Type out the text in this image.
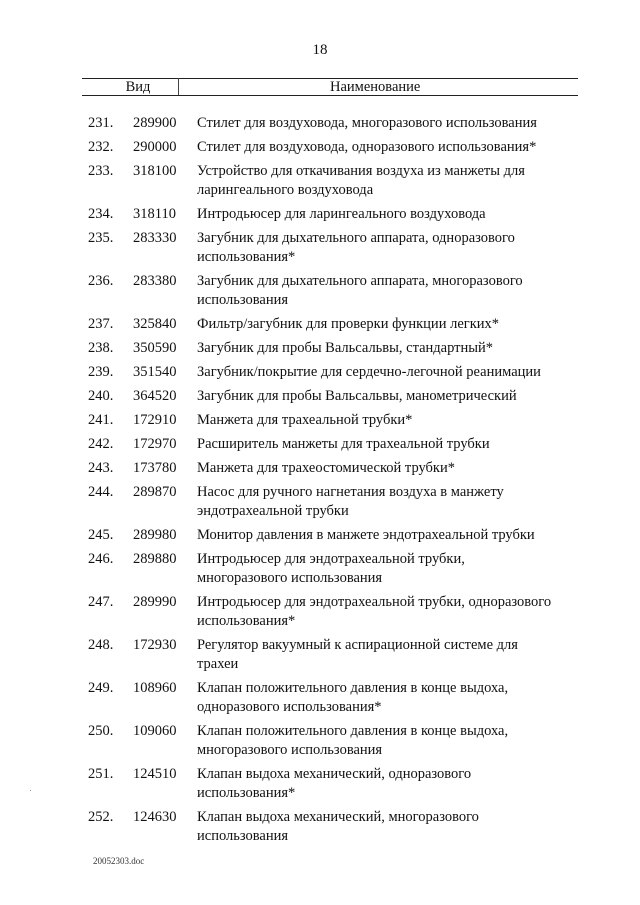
18
Вид	Наименование
231. 289900 Стилет для воздуховода, многоразового использования
232. 290000 Стилет для воздуховода, одноразового использования*
233. 318100 Устройство для откачивания воздуха из манжеты для
ларингеального воздуховода
234. 318110 Интродьюсер для ларингеального воздуховода
235. 283330 Загубник для дыхательного аппарата, одноразового
использования*
236. 283380 Загубник для дыхательного аппарата, многоразового
использования
237. 325840 Фильтр/загубник для проверки функции легких*
238. 350590 Загубник для пробы Вальсальвы, стандартный*
239. 351540 Загубник/покрытие для сердечно-легочной реанимации
240. 364520 Загубник для пробы Вальсальвы, манометрический
241. 172910 Манжета для трахеальной трубки*
242. 172970 Расширитель манжеты для трахеальной трубки
243. 173780 Манжета для трахеостомической трубки*
244. 289870 Насос для ручного нагнетания воздуха в манжету
эндотрахеальной трубки
245. 289980 Монитор давления в манжете эндотрахеальной трубки
246. 289880 Интродьюсер для эндотрахеальной трубки,
многоразового использования
247. 289990 Интродьюсер для эндотрахеальной трубки, одноразового
использования*
248. 172930 Регулятор вакуумный к аспирационной системе для
трахеи
249. 108960 Клапан положительного давления в конце выдоха,
одноразового использования*
250. 109060 Клапан положительного давления в конце выдоха,
многоразового использования
251. 124510 Клапан выдоха механический, одноразового
использования*
252. 124630 Клапан выдоха механический, многоразового
использования
20052303.doc
